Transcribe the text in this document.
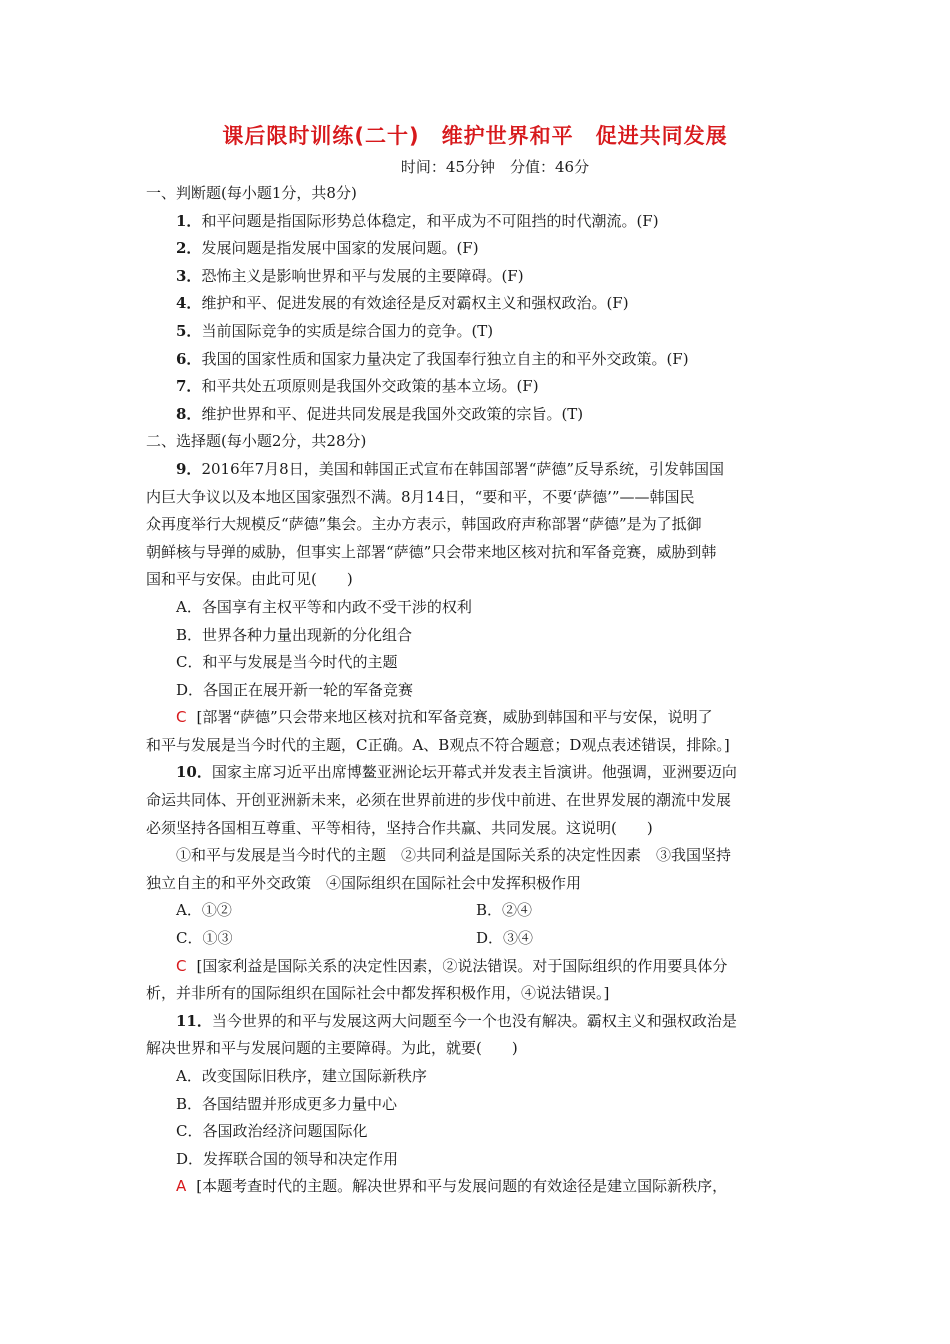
课后限时训练(二十)　维护世界和平　促进共同发展
时间：45分钟　分值：46分
一、判断题(每小题1分，共8分)
1．和平问题是指国际形势总体稳定，和平成为不可阻挡的时代潮流。(F)
2．发展问题是指发展中国家的发展问题。(F)
3．恐怖主义是影响世界和平与发展的主要障碍。(F)
4．维护和平、促进发展的有效途径是反对霸权主义和强权政治。(F)
5．当前国际竞争的实质是综合国力的竞争。(T)
6．我国的国家性质和国家力量决定了我国奉行独立自主的和平外交政策。(F)
7．和平共处五项原则是我国外交政策的基本立场。(F)
8．维护世界和平、促进共同发展是我国外交政策的宗旨。(T)
二、选择题(每小题2分，共28分)
9．2016年7月8日，美国和韩国正式宣布在韩国部署“萨德”反导系统，引发韩国国
内巨大争议以及本地区国家强烈不满。8月14日，“要和平，不要‘萨德’”——韩国民
众再度举行大规模反“萨德”集会。主办方表示，韩国政府声称部署“萨德”是为了抵御
朝鲜核与导弹的威胁，但事实上部署“萨德”只会带来地区核对抗和军备竞赛，威胁到韩
国和平与安保。由此可见(　　)
A．各国享有主权平等和内政不受干涉的权利
B．世界各种力量出现新的分化组合
C．和平与发展是当今时代的主题
D．各国正在展开新一轮的军备竞赛
C [部署“萨德”只会带来地区核对抗和军备竞赛，威胁到韩国和平与安保，说明了
和平与发展是当今时代的主题，C正确。A、B观点不符合题意；D观点表述错误，排除。]
10．国家主席习近平出席博鳌亚洲论坛开幕式并发表主旨演讲。他强调，亚洲要迈向
命运共同体、开创亚洲新未来，必须在世界前进的步伐中前进、在世界发展的潮流中发展
必须坚持各国相互尊重、平等相待，坚持合作共赢、共同发展。这说明(　　)
①和平与发展是当今时代的主题　②共同利益是国际关系的决定性因素　③我国坚持
独立自主的和平外交政策　④国际组织在国际社会中发挥积极作用
A．①②	B．②④
C．①③	D．③④
C [国家利益是国际关系的决定性因素，②说法错误。对于国际组织的作用要具体分
析，并非所有的国际组织在国际社会中都发挥积极作用，④说法错误。]
11．当今世界的和平与发展这两大问题至今一个也没有解决。霸权主义和强权政治是
解决世界和平与发展问题的主要障碍。为此，就要(　　)
A．改变国际旧秩序，建立国际新秩序
B．各国结盟并形成更多力量中心
C．各国政治经济问题国际化
D．发挥联合国的领导和决定作用
A [本题考查时代的主题。解决世界和平与发展问题的有效途径是建立国际新秩序，
